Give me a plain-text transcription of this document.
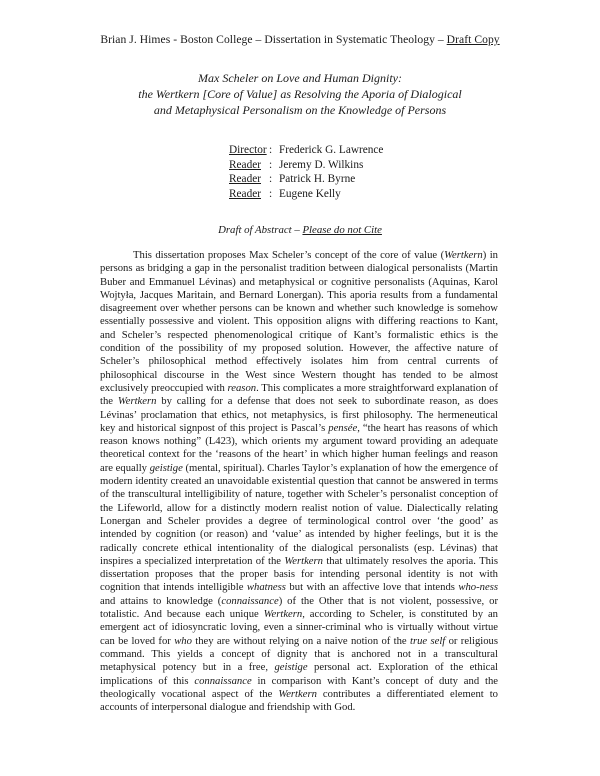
Brian J. Himes - Boston College – Dissertation in Systematic Theology – Draft Copy
Max Scheler on Love and Human Dignity:
the Wertkern [Core of Value] as Resolving the Aporia of Dialogical
and Metaphysical Personalism on the Knowledge of Persons
Director : Frederick G. Lawrence
Reader : Jeremy D. Wilkins
Reader : Patrick H. Byrne
Reader : Eugene Kelly
Draft of Abstract – Please do not Cite
This dissertation proposes Max Scheler’s concept of the core of value (Wertkern) in persons as bridging a gap in the personalist tradition between dialogical personalists (Martin Buber and Emmanuel Lévinas) and metaphysical or cognitive personalists (Aquinas, Karol Wojtyła, Jacques Maritain, and Bernard Lonergan). This aporia results from a fundamental disagreement over whether persons can be known and whether such knowledge is somehow essentially possessive and violent. This opposition aligns with differing reactions to Kant, and Scheler’s respected phenomenological critique of Kant’s formalistic ethics is the condition of the possibility of my proposed solution. However, the affective nature of Scheler’s philosophical method effectively isolates him from central currents of philosophical discourse in the West since Western thought has tended to be almost exclusively preoccupied with reason. This complicates a more straightforward explanation of the Wertkern by calling for a defense that does not seek to subordinate reason, as does Lévinas’ proclamation that ethics, not metaphysics, is first philosophy. The hermeneutical key and historical signpost of this project is Pascal’s pensée, “the heart has reasons of which reason knows nothing” (L423), which orients my argument toward providing an adequate theoretical context for the ‘reasons of the heart’ in which higher human feelings and reason are equally geistige (mental, spiritual). Charles Taylor’s explanation of how the emergence of modern identity created an unavoidable existential question that cannot be answered in terms of the transcultural intelligibility of nature, together with Scheler’s personalist conception of the Lifeworld, allow for a distinctly modern realist notion of value. Dialectically relating Lonergan and Scheler provides a degree of terminological control over ‘the good’ as intended by cognition (or reason) and ‘value’ as intended by higher feelings, but it is the radically concrete ethical intentionality of the dialogical personalists (esp. Lévinas) that inspires a specialized interpretation of the Wertkern that ultimately resolves the aporia. This dissertation proposes that the proper basis for intending personal identity is not with cognition that intends intelligible whatness but with an affective love that intends who-ness and attains to knowledge (connaissance) of the Other that is not violent, possessive, or totalistic. And because each unique Wertkern, according to Scheler, is constituted by an emergent act of idiosyncratic loving, even a sinner-criminal who is virtually without virtue can be loved for who they are without relying on a naive notion of the true self or religious command. This yields a concept of dignity that is anchored not in a transcultural metaphysical potency but in a free, geistige personal act. Exploration of the ethical implications of this connaissance in comparison with Kant’s concept of duty and the theologically vocational aspect of the Wertkern contributes a differentiated element to accounts of interpersonal dialogue and friendship with God.
